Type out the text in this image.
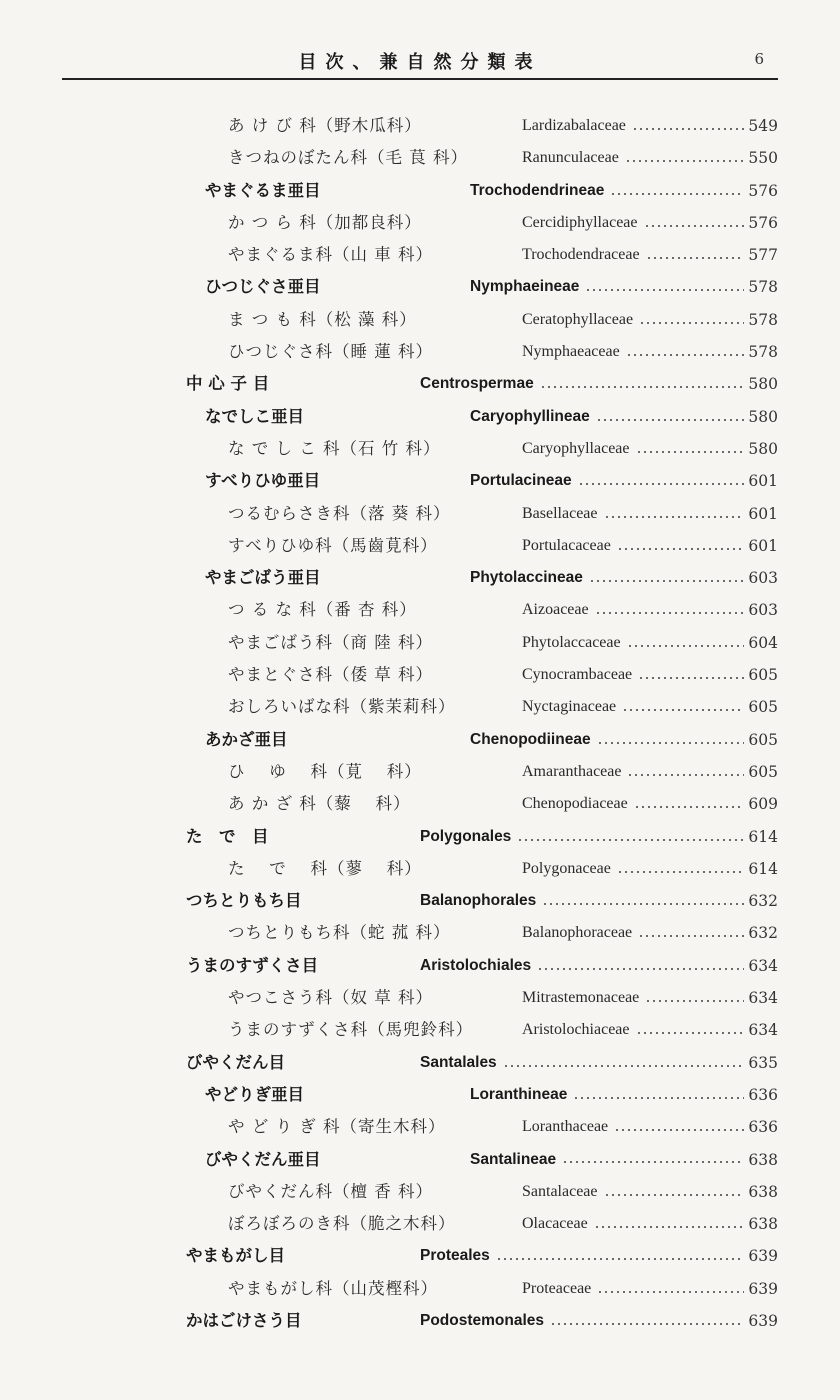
目次、兼自然分類表	6
あ け び 科（野木瓜科）	Lardizabalaceae	549
きつねのぼたん科（毛 茛 科）	Ranunculaceae	550
やまぐるま亜目	Trochodendrineae	576
か つ ら 科（加都良科）	Cercidiphyllaceae	576
やまぐるま科（山 車 科）	Trochodendraceae	577
ひつじぐさ亜目	Nymphaeineae	578
ま つ も 科（松 藻 科）	Ceratophyllaceae	578
ひつじぐさ科（睡 蓮 科）	Nymphaeaceae	578
中 心 子 目	Centrospermae	580
なでしこ亜目	Caryophyllineae	580
な で し こ 科（石 竹 科）	Caryophyllaceae	580
すべりひゆ亜目	Portulacineae	601
つるむらさき科（落 葵 科）	Basellaceae	601
すべりひゆ科（馬齒莧科）	Portulacaceae	601
やまごばう亜目	Phytolaccineae	603
つ る な 科（番 杏 科）	Aizoaceae	603
やまごばう科（商 陸 科）	Phytolaccaceae	604
やまとぐさ科（倭 草 科）	Cynocrambaceae	605
おしろいばな科（紫茉莉科）	Nyctaginaceae	605
あかざ亜目	Chenopodiineae	605
ひ　 ゆ　 科（莧　 科）	Amaranthaceae	605
あ か ざ 科（藜　 科）	Chenopodiaceae	609
た　で　目	Polygonales	614
た　 で　 科（蓼　 科）	Polygonaceae	614
つちとりもち目	Balanophorales	632
つちとりもち科（蛇 菰 科）	Balanophoraceae	632
うまのすずくさ目	Aristolochiales	634
やつこさう科（奴 草 科）	Mitrastemonaceae	634
うまのすずくさ科（馬兜鈴科）	Aristolochiaceae	634
びやくだん目	Santalales	635
やどりぎ亜目	Loranthineae	636
や ど り ぎ 科（寄生木科）	Loranthaceae	636
びやくだん亜目	Santalineae	638
びやくだん科（檀 香 科）	Santalaceae	638
ぼろぼろのき科（脆之木科）	Olacaceae	638
やまもがし目	Proteales	639
やまもがし科（山茂樫科）	Proteaceae	639
かはごけさう目	Podostemonales	639
